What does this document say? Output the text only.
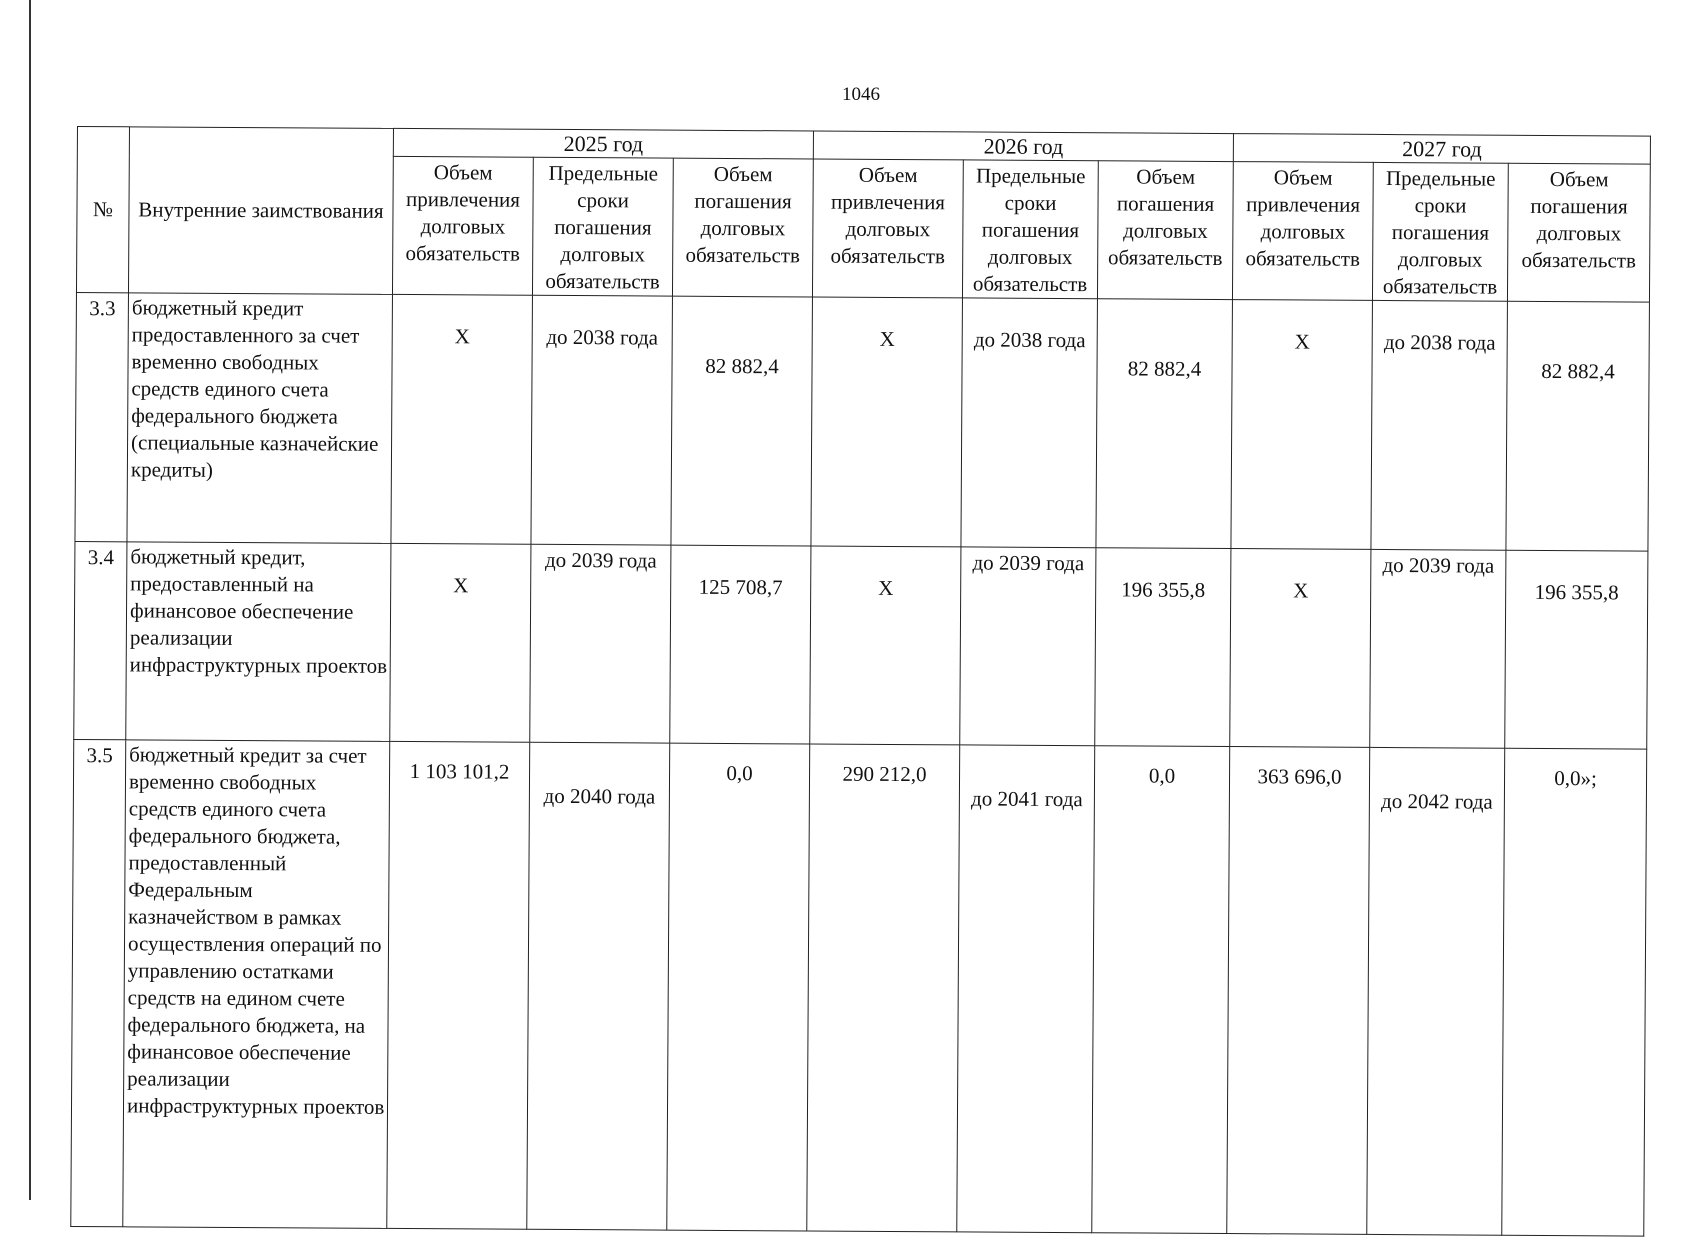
1046
№	Внутренние заимствования	2025 год			2026 год			2027 год		
		Объем привлечения долговых обязательств	Предельные сроки погашения долговых обязательств	Объем погашения долговых обязательств	Объем привлечения долговых обязательств	Предельные сроки погашения долговых обязательств	Объем погашения долговых обязательств	Объем привлечения долговых обязательств	Предельные сроки погашения долговых обязательств	Объем погашения долговых обязательств
3.3	бюджетный кредит предоставленного за счет временно свободных средств единого счета федерального бюджета (специальные казначейские кредиты)	X	до 2038 года	82 882,4	X	до 2038 года	82 882,4	X	до 2038 года	82 882,4
3.4	бюджетный кредит, предоставленный на финансовое обеспечение реализации инфраструктурных проектов	X	до 2039 года	125 708,7	X	до 2039 года	196 355,8	X	до 2039 года	196 355,8
3.5	бюджетный кредит за счет временно свободных средств единого счета федерального бюджета, предоставленный Федеральным казначейством в рамках осуществления операций по управлению остатками средств на едином счете федерального бюджета, на финансовое обеспечение реализации инфраструктурных проектов	1 103 101,2	до 2040 года	0,0	290 212,0	до 2041 года	0,0	363 696,0	до 2042 года	0,0»;
